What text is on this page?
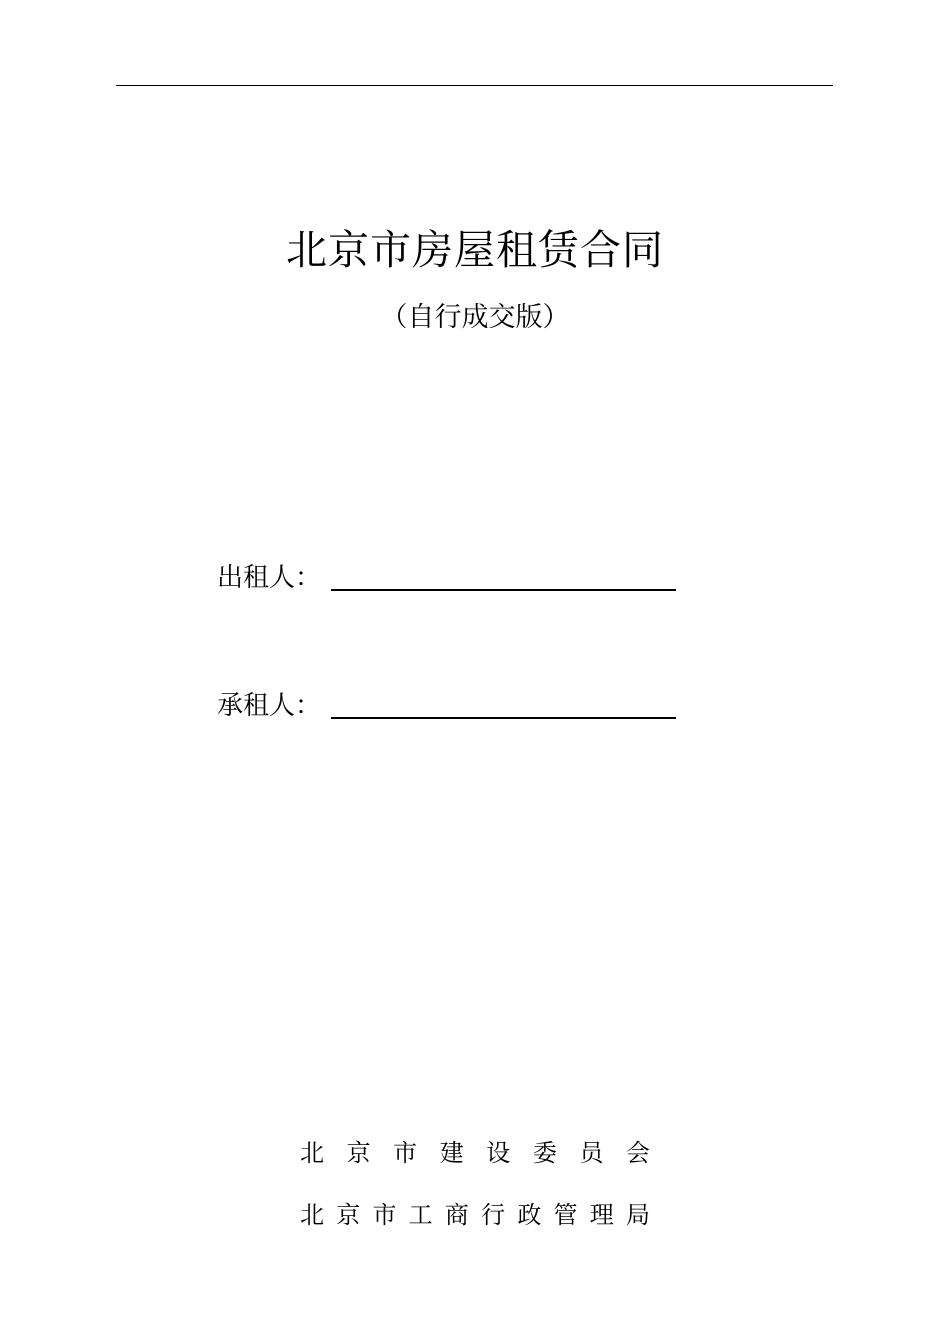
北京市房屋租赁合同
（自行成交版）
出租人：
承租人：
北 京 市 建 设 委 员 会
北 京 市 工 商 行 政 管 理 局
